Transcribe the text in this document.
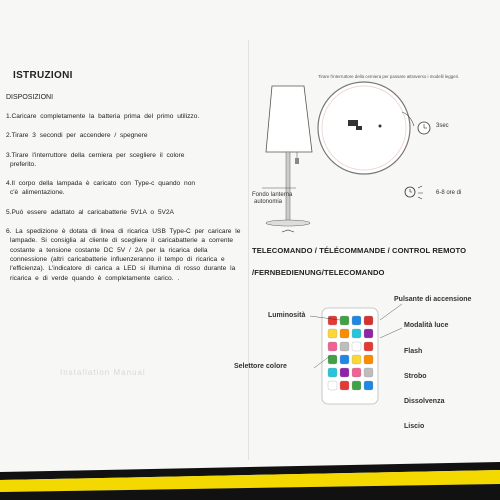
ISTRUZIONI
DISPOSIZIONI

1.Caricare completamente la batteria prima del primo utilizzo.

2.Tirare 3 secondi per accendere / spegnere

3.Tirare l'interruttore della cerniera per scegliere il colore

preferito.

4.Il corpo della lampada è caricato con Type-c quando non

c'è alimentazione.

5.Può essere adattato al caricabatterie 5V1A o 5V2A

6. La spedizione è dotata di linea di ricarica USB Type-C per caricare le

lampade. Si consiglia al cliente di scegliere il caricabatterie a corrente

costante a tensione costante DC 5V / 2A per la ricarica della

connessione (altri caricabatterie influenzeranno il tempo di ricarica e

l'efficienza). L'indicatore di carica a LED si illumina di rosso durante la

ricarica e di verde quando è completamente carico. .

Installation Manual
Tirare l'interruttore della cerniera per passare attraverso i modelli leggeri.
3sec
Fondo lanterna
autonomia
6-8 ore di
TELECOMANDO / TÉLÉCOMMANDE / CONTROL REMOTO
/FERNBEDIENUNG/TELECOMANDO
Pulsante di accensione
Luminosità
Modalità luce
Flash
Selettore colore
Strobo
Dissolvenza
Liscio
